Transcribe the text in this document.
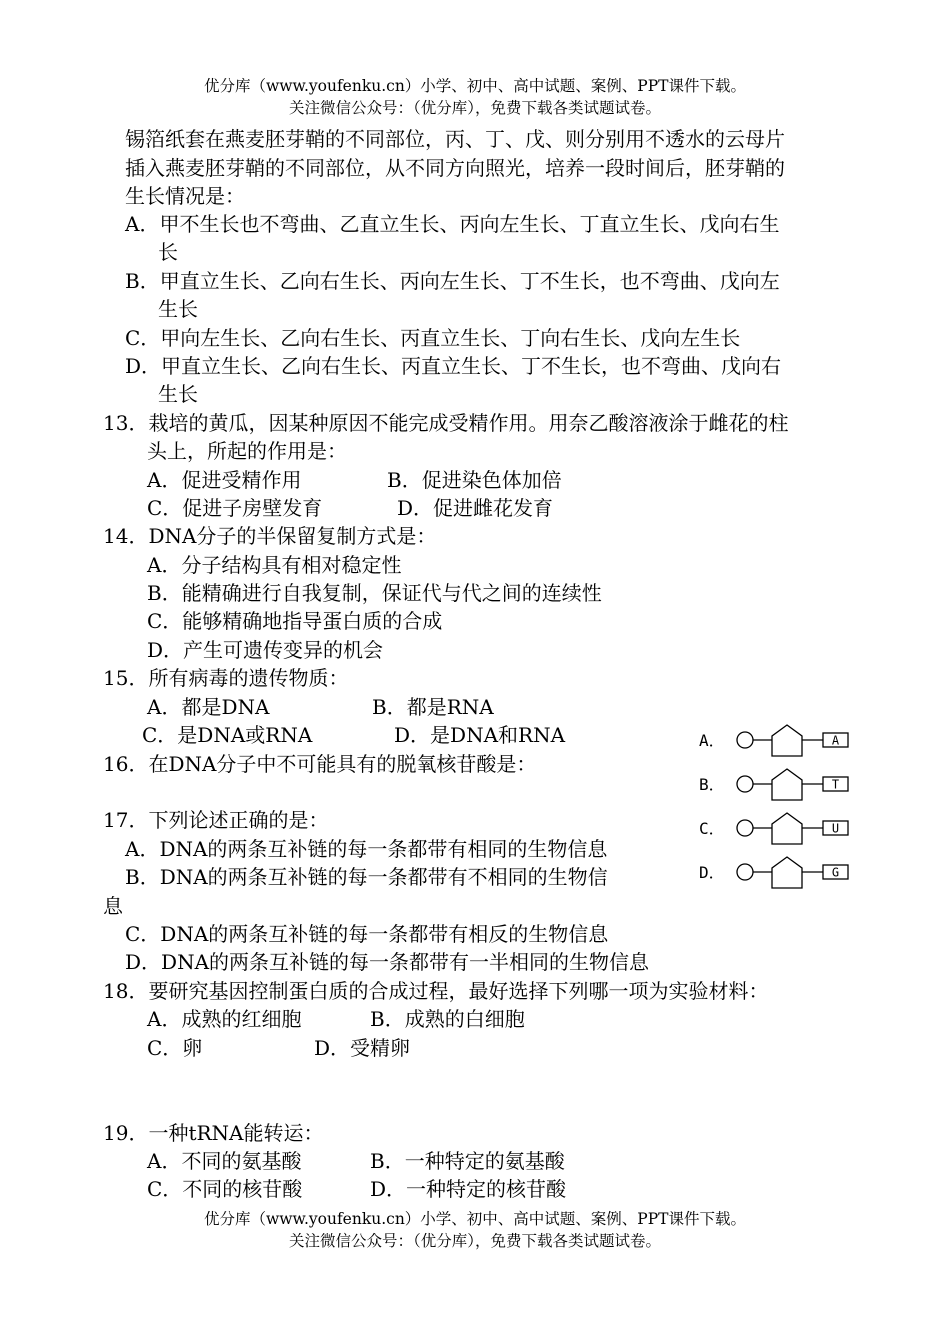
优分库（www.youfenku.cn）小学、初中、高中试题、案例、PPT课件下载。
关注微信公众号：（优分库），免费下载各类试题试卷。
锡箔纸套在燕麦胚芽鞘的不同部位，丙、丁、戊、则分别用不透水的云母片
插入燕麦胚芽鞘的不同部位，从不同方向照光，培养一段时间后，胚芽鞘的
生长情况是：
A．甲不生长也不弯曲、乙直立生长、丙向左生长、丁直立生长、戊向右生
长
B．甲直立生长、乙向右生长、丙向左生长、丁不生长，也不弯曲、戊向左
生长
C．甲向左生长、乙向右生长、丙直立生长、丁向右生长、戊向左生长
D．甲直立生长、乙向右生长、丙直立生长、丁不生长，也不弯曲、戊向右
生长
13．栽培的黄瓜，因某种原因不能完成受精作用。用奈乙酸溶液涂于雌花的柱
头上，所起的作用是：
A．促进受精作用	B．促进染色体加倍
C．促进子房壁发育	D．促进雌花发育
14．DNA分子的半保留复制方式是：
A．分子结构具有相对稳定性
B．能精确进行自我复制，保证代与代之间的连续性
C．能够精确地指导蛋白质的合成
D．产生可遗传变异的机会
15．所有病毒的遗传物质：
A．都是DNA	B．都是RNA
C．是DNA或RNA	D．是DNA和RNA
16．在DNA分子中不可能具有的脱氧核苷酸是：
A．	A
B．	T
C．	U
D．	G
17．下列论述正确的是：
A．DNA的两条互补链的每一条都带有相同的生物信息
B．DNA的两条互补链的每一条都带有不相同的生物信
息
C．DNA的两条互补链的每一条都带有相反的生物信息
D．DNA的两条互补链的每一条都带有一半相同的生物信息
18．要研究基因控制蛋白质的合成过程，最好选择下列哪一项为实验材料：
A．成熟的红细胞	B．成熟的白细胞
C．卵	D．受精卵
19．一种tRNA能转运：
A．不同的氨基酸	B．一种特定的氨基酸
C．不同的核苷酸	D．一种特定的核苷酸
优分库（www.youfenku.cn）小学、初中、高中试题、案例、PPT课件下载。
关注微信公众号：（优分库），免费下载各类试题试卷。
